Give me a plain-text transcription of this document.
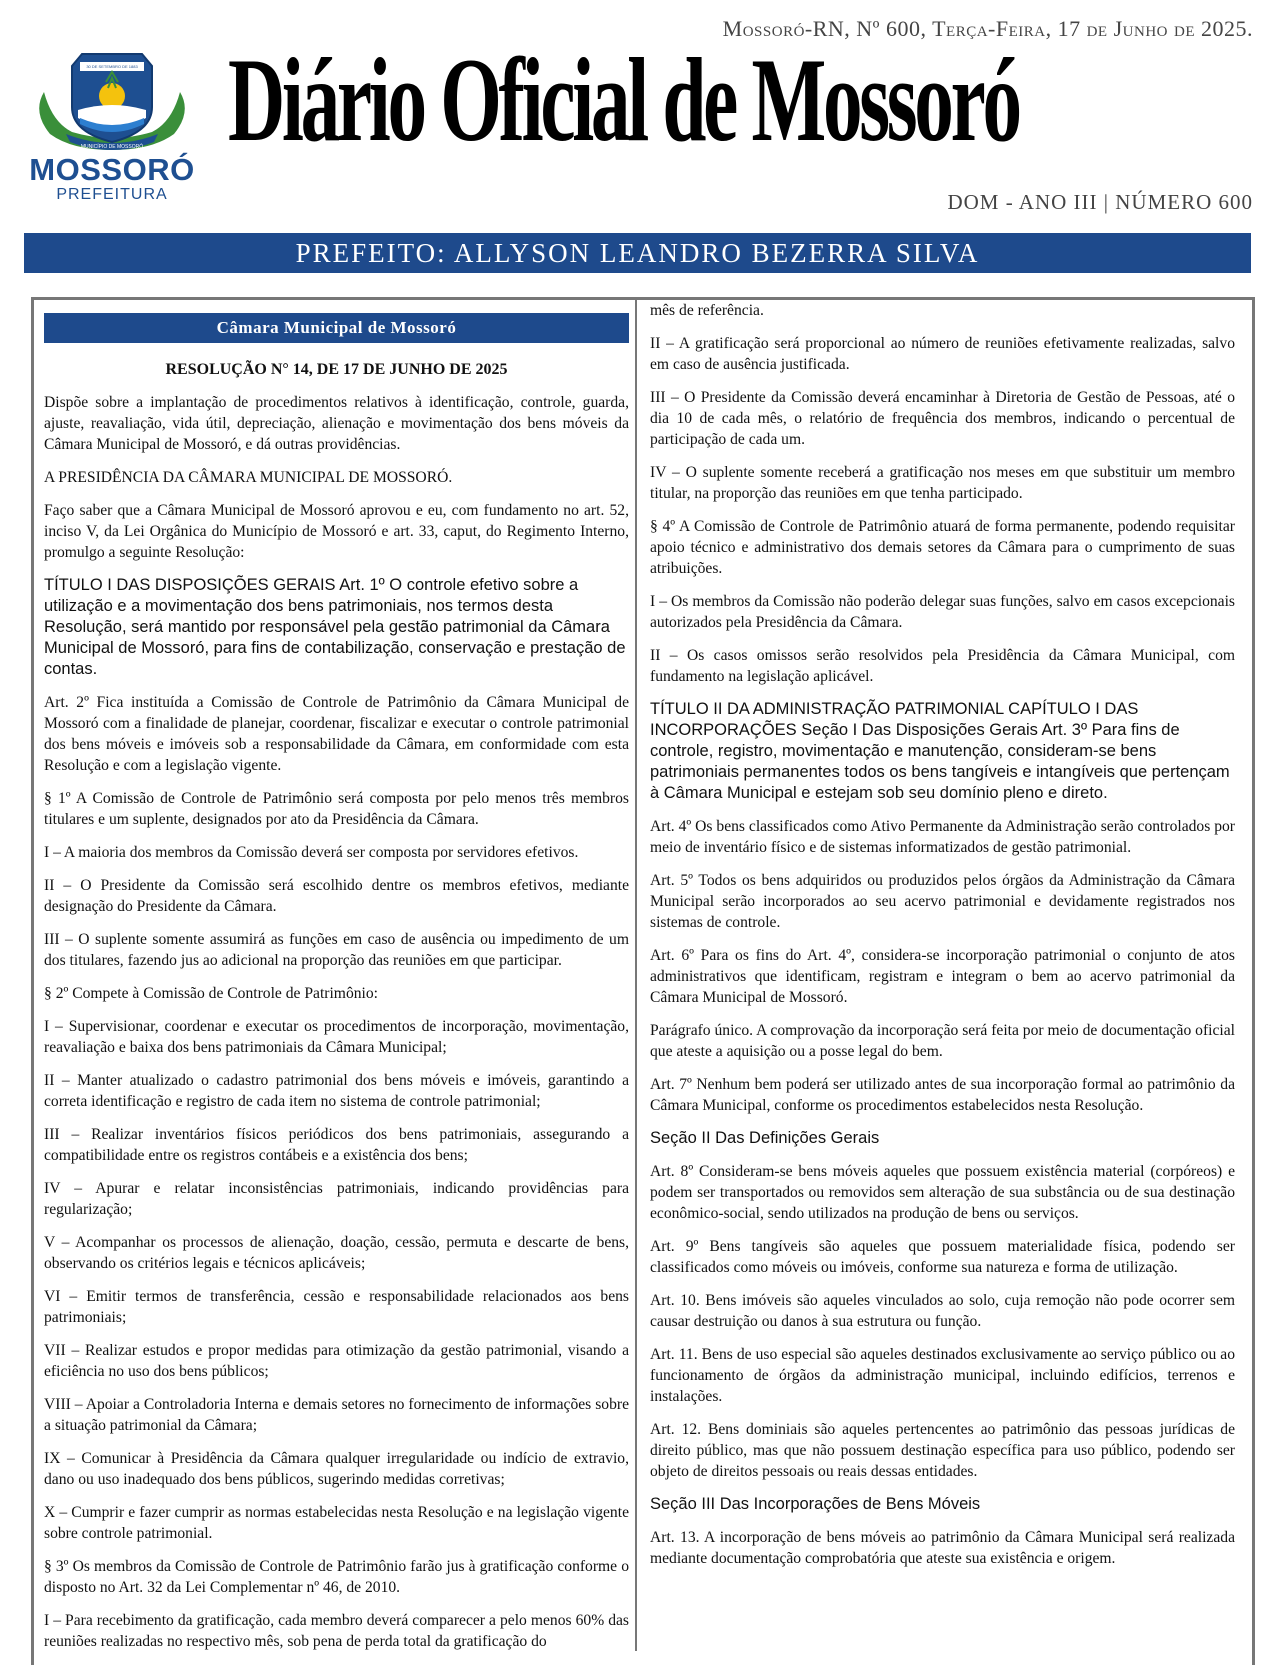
30 DE SETEMBRO DE 1883
MUNICÍPIO DE MOSSORÓ
MOSSORÓ
PREFEITURA
Mossoró-RN, Nº 600, Terça-Feira, 17 de Junho de 2025.
Diário Oficial de Mossoró
DOM - ANO III | NÚMERO 600
PREFEITO: ALLYSON LEANDRO BEZERRA SILVA
Câmara Municipal de Mossoró
RESOLUÇÃO N° 14, DE 17 DE JUNHO DE 2025

Dispõe sobre a implantação de procedimentos relativos à identificação, controle, guarda, ajuste, reavaliação, vida útil, depreciação, alienação e movimentação dos bens móveis da Câmara Municipal de Mossoró, e dá outras providências.

A PRESIDÊNCIA DA CÂMARA MUNICIPAL DE MOSSORÓ.

Faço saber que a Câmara Municipal de Mossoró aprovou e eu, com fundamento no art. 52, inciso V, da Lei Orgânica do Município de Mossoró e art. 33, caput, do Regimento Interno, promulgo a seguinte Resolução:

TÍTULO I DAS DISPOSIÇÕES GERAIS Art. 1º O controle efetivo sobre a utilização e a movimentação dos bens patrimoniais, nos termos desta Resolução, será mantido por responsável pela gestão patrimonial da Câmara Municipal de Mossoró, para fins de contabilização, conservação e prestação de contas.

Art. 2º Fica instituída a Comissão de Controle de Patrimônio da Câmara Municipal de Mossoró com a finalidade de planejar, coordenar, fiscalizar e executar o controle patrimonial dos bens móveis e imóveis sob a responsabilidade da Câmara, em conformidade com esta Resolução e com a legislação vigente.

§ 1º A Comissão de Controle de Patrimônio será composta por pelo menos três membros titulares e um suplente, designados por ato da Presidência da Câmara.

I – A maioria dos membros da Comissão deverá ser composta por servidores efetivos.

II – O Presidente da Comissão será escolhido dentre os membros efetivos, mediante designação do Presidente da Câmara.

III – O suplente somente assumirá as funções em caso de ausência ou impedimento de um dos titulares, fazendo jus ao adicional na proporção das reuniões em que participar.

§ 2º Compete à Comissão de Controle de Patrimônio:

I – Supervisionar, coordenar e executar os procedimentos de incorporação, movimentação, reavaliação e baixa dos bens patrimoniais da Câmara Municipal;

II – Manter atualizado o cadastro patrimonial dos bens móveis e imóveis, garantindo a correta identificação e registro de cada item no sistema de controle patrimonial;

III – Realizar inventários físicos periódicos dos bens patrimoniais, assegurando a compatibilidade entre os registros contábeis e a existência dos bens;

IV – Apurar e relatar inconsistências patrimoniais, indicando providências para regularização;

V – Acompanhar os processos de alienação, doação, cessão, permuta e descarte de bens, observando os critérios legais e técnicos aplicáveis;

VI – Emitir termos de transferência, cessão e responsabilidade relacionados aos bens patrimoniais;

VII – Realizar estudos e propor medidas para otimização da gestão patrimonial, visando a eficiência no uso dos bens públicos;

VIII – Apoiar a Controladoria Interna e demais setores no fornecimento de informações sobre a situação patrimonial da Câmara;

IX – Comunicar à Presidência da Câmara qualquer irregularidade ou indício de extravio, dano ou uso inadequado dos bens públicos, sugerindo medidas corretivas;

X – Cumprir e fazer cumprir as normas estabelecidas nesta Resolução e na legislação vigente sobre controle patrimonial.

§ 3º Os membros da Comissão de Controle de Patrimônio farão jus à gratificação conforme o disposto no Art. 32 da Lei Complementar nº 46, de 2010.

I – Para recebimento da gratificação, cada membro deverá comparecer a pelo menos 60% das reuniões realizadas no respectivo mês, sob pena de perda total da gratificação do

mês de referência.

II – A gratificação será proporcional ao número de reuniões efetivamente realizadas, salvo em caso de ausência justificada.

III – O Presidente da Comissão deverá encaminhar à Diretoria de Gestão de Pessoas, até o dia 10 de cada mês, o relatório de frequência dos membros, indicando o percentual de participação de cada um.

IV – O suplente somente receberá a gratificação nos meses em que substituir um membro titular, na proporção das reuniões em que tenha participado.

§ 4º A Comissão de Controle de Patrimônio atuará de forma permanente, podendo requisitar apoio técnico e administrativo dos demais setores da Câmara para o cumprimento de suas atribuições.

I – Os membros da Comissão não poderão delegar suas funções, salvo em casos excepcionais autorizados pela Presidência da Câmara.

II – Os casos omissos serão resolvidos pela Presidência da Câmara Municipal, com fundamento na legislação aplicável.

TÍTULO II DA ADMINISTRAÇÃO PATRIMONIAL CAPÍTULO I DAS INCORPORAÇÕES Seção I Das Disposições Gerais Art. 3º Para fins de controle, registro, movimentação e manutenção, consideram-se bens patrimoniais permanentes todos os bens tangíveis e intangíveis que pertençam à Câmara Municipal e estejam sob seu domínio pleno e direto.

Art. 4º Os bens classificados como Ativo Permanente da Administração serão controlados por meio de inventário físico e de sistemas informatizados de gestão patrimonial.

Art. 5º Todos os bens adquiridos ou produzidos pelos órgãos da Administração da Câmara Municipal serão incorporados ao seu acervo patrimonial e devidamente registrados nos sistemas de controle.

Art. 6º Para os fins do Art. 4º, considera-se incorporação patrimonial o conjunto de atos administrativos que identificam, registram e integram o bem ao acervo patrimonial da Câmara Municipal de Mossoró.

Parágrafo único. A comprovação da incorporação será feita por meio de documentação oficial que ateste a aquisição ou a posse legal do bem.

Art. 7º Nenhum bem poderá ser utilizado antes de sua incorporação formal ao patrimônio da Câmara Municipal, conforme os procedimentos estabelecidos nesta Resolução.

Seção II Das Definições Gerais

Art. 8º Consideram-se bens móveis aqueles que possuem existência material (corpóreos) e podem ser transportados ou removidos sem alteração de sua substância ou de sua destinação econômico-social, sendo utilizados na produção de bens ou serviços.

Art. 9º Bens tangíveis são aqueles que possuem materialidade física, podendo ser classificados como móveis ou imóveis, conforme sua natureza e forma de utilização.

Art. 10. Bens imóveis são aqueles vinculados ao solo, cuja remoção não pode ocorrer sem causar destruição ou danos à sua estrutura ou função.

Art. 11. Bens de uso especial são aqueles destinados exclusivamente ao serviço público ou ao funcionamento de órgãos da administração municipal, incluindo edifícios, terrenos e instalações.

Art. 12. Bens dominiais são aqueles pertencentes ao patrimônio das pessoas jurídicas de direito público, mas que não possuem destinação específica para uso público, podendo ser objeto de direitos pessoais ou reais dessas entidades.

Seção III Das Incorporações de Bens Móveis

Art. 13. A incorporação de bens móveis ao patrimônio da Câmara Municipal será realizada mediante documentação comprobatória que ateste sua existência e origem.
